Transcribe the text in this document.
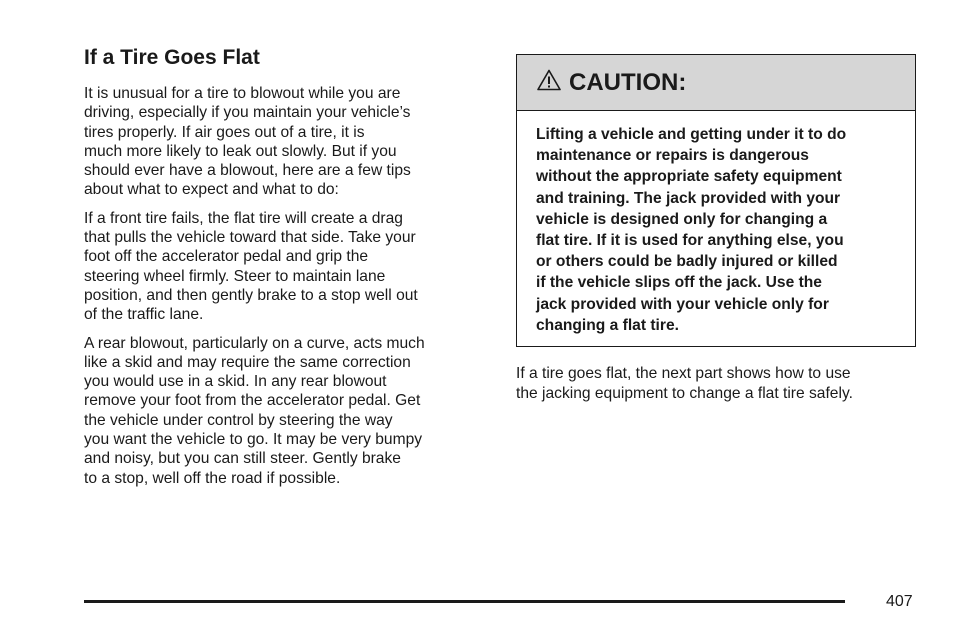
If a Tire Goes Flat

It is unusual for a tire to blowout while you are
driving, especially if you maintain your vehicle’s
tires properly. If air goes out of a tire, it is
much more likely to leak out slowly. But if you
should ever have a blowout, here are a few tips
about what to expect and what to do:

If a front tire fails, the flat tire will create a drag
that pulls the vehicle toward that side. Take your
foot off the accelerator pedal and grip the
steering wheel firmly. Steer to maintain lane
position, and then gently brake to a stop well out
of the traffic lane.

A rear blowout, particularly on a curve, acts much
like a skid and may require the same correction
you would use in a skid. In any rear blowout
remove your foot from the accelerator pedal. Get
the vehicle under control by steering the way
you want the vehicle to go. It may be very bumpy
and noisy, but you can still steer. Gently brake
to a stop, well off the road if possible.

CAUTION:
Lifting a vehicle and getting under it to do
maintenance or repairs is dangerous
without the appropriate safety equipment
and training. The jack provided with your
vehicle is designed only for changing a
flat tire. If it is used for anything else, you
or others could be badly injured or killed
if the vehicle slips off the jack. Use the
jack provided with your vehicle only for
changing a flat tire.
If a tire goes flat, the next part shows how to use
the jacking equipment to change a flat tire safely.
407
